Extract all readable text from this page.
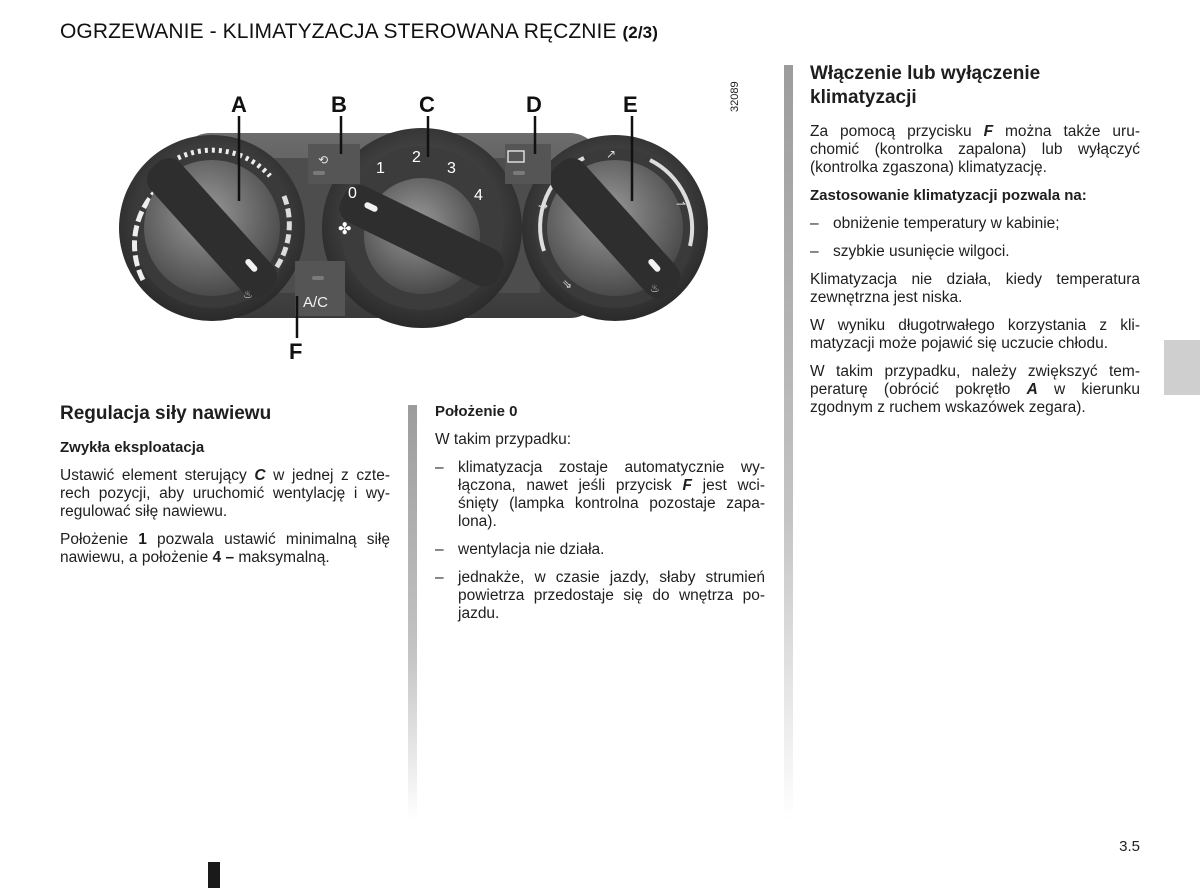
OGRZEWANIE - KLIMATYZACJA STEROWANA RĘCZNIE (2/3)
♨
0
1
2
3
4
✤
⇝
↗
⇀
⇘	♨
⟲
A/C
A	B	C	D	E
F
32089
Regulacja siły nawiewu

Zwykła eksploatacja

Ustawić element sterujący C w jednej z czte-rech pozycji, aby uruchomić wentylację i wy-regulować siłę nawiewu.

Położenie 1 pozwala ustawić minimalną siłę nawiewu, a położenie 4 – maksymalną.

Położenie 0

W takim przypadku:

– klimatyzacja zostaje automatycznie wy-łączona, nawet jeśli przycisk F jest wci-śnięty (lampka kontrolna pozostaje zapa-lona).
– wentylacja nie działa.
– jednakże, w czasie jazdy, słaby strumień powietrza przedostaje się do wnętrza po-jazdu.
Włączenie lub wyłączenie klimatyzacji

Za pomocą przycisku F można także uru-chomić (kontrolka zapalona) lub wyłączyć (kontrolka zgaszona) klimatyzację.

Zastosowanie klimatyzacji pozwala na:

– obniżenie temperatury w kabinie;
– szybkie usunięcie wilgoci.

Klimatyzacja nie działa, kiedy temperatura zewnętrzna jest niska.

W wyniku długotrwałego korzystania z kli-matyzacji może pojawić się uczucie chłodu.

W takim przypadku, należy zwiększyć tem-peraturę (obrócić pokrętło A w kierunku zgodnym z ruchem wskazówek zegara).

3.5
